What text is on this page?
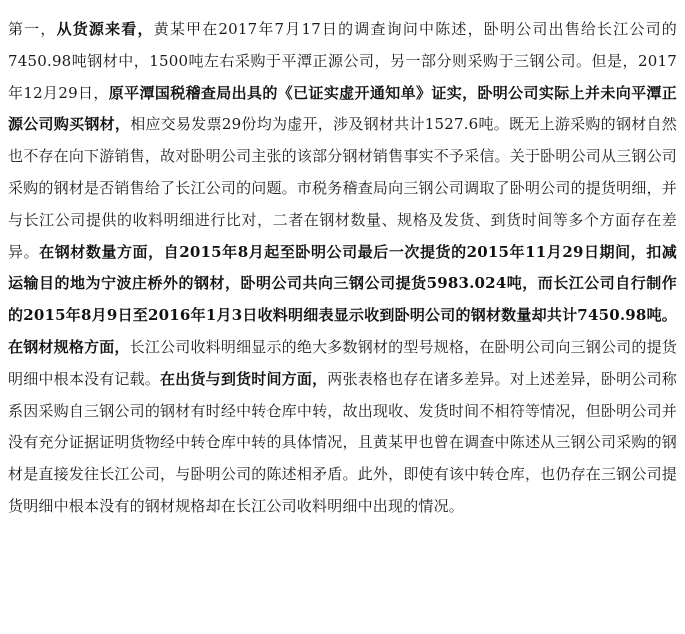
第一，从货源来看，黄某甲在2017年7月17日的调查询问中陈述，卧明公司出售给长江公司的7450.98吨钢材中，1500吨左右采购于平潭正源公司，另一部分则采购于三钢公司。但是，2017年12月29日，原平潭国税稽查局出具的《已证实虚开通知单》证实，卧明公司实际上并未向平潭正源公司购买钢材，相应交易发票29份均为虚开，涉及钢材共计1527.6吨。既无上游采购的钢材自然也不存在向下游销售，故对卧明公司主张的该部分钢材销售事实不予采信。关于卧明公司从三钢公司采购的钢材是否销售给了长江公司的问题。市税务稽查局向三钢公司调取了卧明公司的提货明细，并与长江公司提供的收料明细进行比对，二者在钢材数量、规格及发货、到货时间等多个方面存在差异。在钢材数量方面，自2015年8月起至卧明公司最后一次提货的2015年11月29日期间，扣减运输目的地为宁波庄桥外的钢材，卧明公司共向三钢公司提货5983.024吨，而长江公司自行制作的2015年8月9日至2016年1月3日收料明细表显示收到卧明公司的钢材数量却共计7450.98吨。在钢材规格方面，长江公司收料明细显示的绝大多数钢材的型号规格，在卧明公司向三钢公司的提货明细中根本没有记载。在出货与到货时间方面，两张表格也存在诸多差异。对上述差异，卧明公司称系因采购自三钢公司的钢材有时经中转仓库中转，故出现收、发货时间不相符等情况，但卧明公司并没有充分证据证明货物经中转仓库中转的具体情况，且黄某甲也曾在调查中陈述从三钢公司采购的钢材是直接发往长江公司，与卧明公司的陈述相矛盾。此外，即使有该中转仓库，也仍存在三钢公司提货明细中根本没有的钢材规格却在长江公司收料明细中出现的情况。
